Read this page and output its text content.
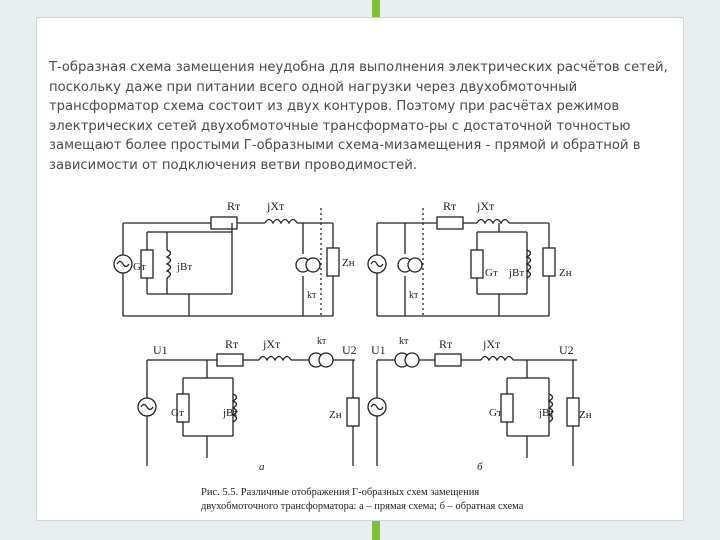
Т-образная схема замещения неудобна для выполнения электрических расчётов сетей, поскольку даже при питании всего одной нагрузки через двухобмоточный трансформатор схема состоит из двух контуров. Поэтому при расчётах режимов электрических сетей двухобмоточные трансформато-ры с достаточной точностью замещают более простыми Г-образными схема-мизамещения - прямой и обратной в зависимости от подключения ветви проводимостей.
Rт jXт
Gт	jBт	Zн
kт
Rт jXт
Gт jBт	Zн
kт
U1	U2
Rт jXт	kт
Gт	jBт	Zн
а
U1	U2
kт	Rт	jXт
Gт	jBт Zн
б
Рис. 5.5. Различные отображения Г-образных схем замещения
двухобмоточного трансформатора: а – прямая схема; б – обратная схема
